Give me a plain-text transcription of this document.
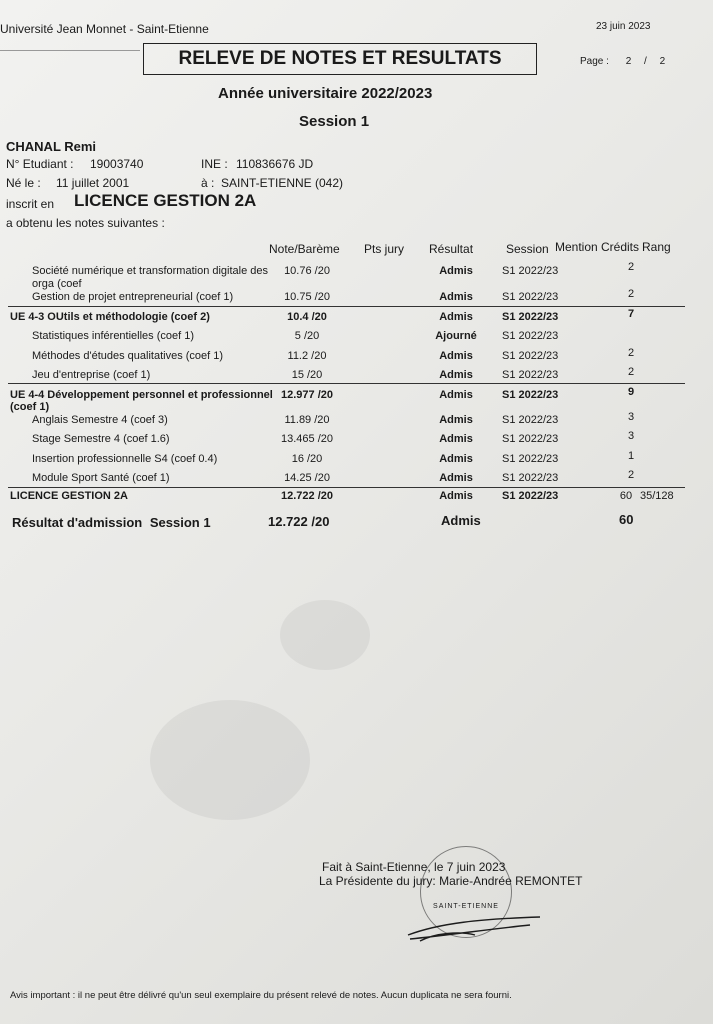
Université Jean Monnet - Saint-Etienne	23 juin 2023
RELEVE DE NOTES ET RESULTATS	Page : 2 / 2
Année universitaire 2022/2023
Session 1
CHANAL Remi
N° Etudiant : 19003740	INE : 110836676 JD
Né le : 11 juillet 2001	à : SAINT-ETIENNE (042)
inscrit en LICENCE GESTION 2A
a obtenu les notes suivantes :
Note/Barème Pts jury Résultat	Session Mention Crédits Rang
Société numérique et transformation digitale des
orga (coef
10.76 /20	Admis	S1 2022/23	2
Gestion de projet entrepreneurial (coef 1)	10.75 /20	Admis	S1 2022/23	2
UE 4-3 OUtils et méthodologie (coef 2)	10.4 /20	Admis	S1 2022/23	7
Statistiques inférentielles (coef 1)	5 /20	Ajourné	S1 2022/23
Méthodes d'études qualitatives (coef 1)	11.2 /20	Admis	S1 2022/23	2
Jeu d'entreprise (coef 1)	15 /20	Admis	S1 2022/23	2
UE 4-4 Développement personnel et professionnel
(coef 1)
12.977 /20	Admis	S1 2022/23	9
Anglais Semestre 4 (coef 3)	11.89 /20	Admis	S1 2022/23	3
Stage Semestre 4 (coef 1.6)	13.465 /20	Admis	S1 2022/23	3
Insertion professionnelle S4 (coef 0.4)	16 /20	Admis	S1 2022/23	1
Module Sport Santé (coef 1)	14.25 /20	Admis	S1 2022/23	2
LICENCE GESTION 2A	12.722 /20	Admis	S1 2022/23	60 35/128
Résultat d'admission Session 1	12.722 /20	Admis	60
Fait à Saint-Etienne, le 7 juin 2023
La Présidente du jury: Marie-Andrée REMONTET
SAINT-ETIENNE
Avis important : il ne peut être délivré qu'un seul exemplaire du présent relevé de notes. Aucun duplicata ne sera fourni.
